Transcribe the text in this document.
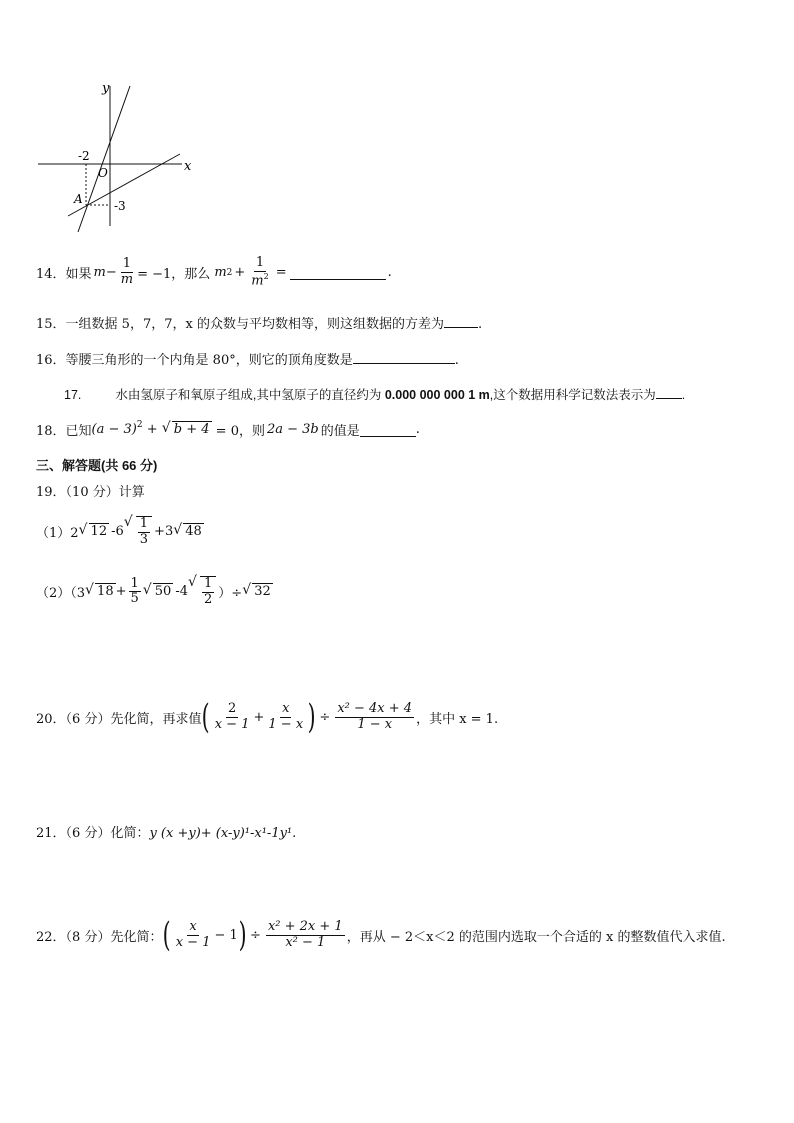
y
x
-2
O
A	-3
14．如果 $m - \frac{1}{m} = -1$，那么 m $2 + \frac{1}{m^2}$ =	.
15．一组数据 5，7，7，x 的众数与平均数相等，则这组数据的方差为	.
16．等腰三角形的一个内角是 80°，则它的顶角度数是	.
17.	水由氢原子和氧原子组成,其中氢原子的直径约为 0.000 000 000 1 m,这个数据用科学记数法表示为 .
18．已知 $(a - 3)^2$ + √ b + 4 = 0，则 2a − 3b 的值是	.
三、解答题(共 66 分)
19．（10 分）计算
（1）2 √ 12 -6 √ $\frac{1}{3} +3$ √ 48
（2）（3 √ $18 + \frac{1}{5}$	√ 50 -4 √ $\frac{1}{2}$ ）÷ √ 32
20．（6 分）先化简，再求值 ( $\frac{2}{x - 1} + \frac{x}{1 - x}$ ) ÷ $\frac{\text{x² − 4x + 4}}{1 - x}$ ，其中 x = 1.
21．（6 分）化简：y (x +y)+ (x-y)¹-x¹-1y¹.
22．（8 分）先化简： ( $\frac{x}{x - 1} - 1$ ) ÷ $\frac{\text{x² + 2x + 1}}{\text{x² − 1}}$ ，再从 − 2＜x＜2 的范围内选取一个合适的 x 的整数值代入求值.
